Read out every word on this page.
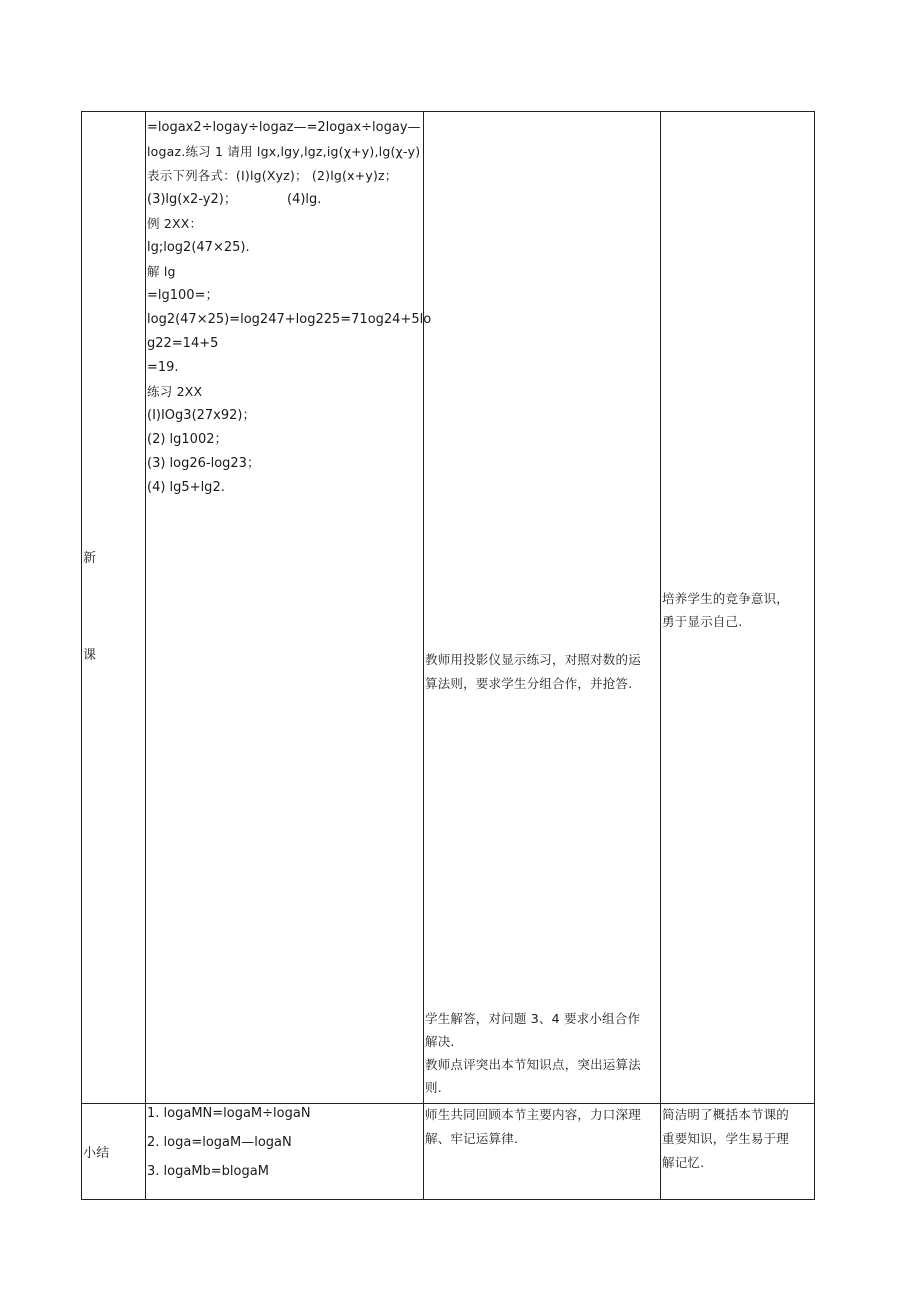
新
课
=logax2÷logay÷logaz—=2logax÷logay—
logaz.练习 1 请用 lgx,lgy,lgz,ig(χ+y),lg(χ-y)
表示下列各式：(I)lg(Xyz)； (2)lg(x+y)z；
(3)lg(x2-y2)；	(4)lg.
例 2XX：
lg;log2(47×25).
解 lg
=lg100=；
log2(47×25)=log247+log225=71og24+5lo
g22=14+5
=19.
练习 2XX
(I)IOg3(27x92)；
(2) lg1002；
(3) log26-log23；
(4) lg5+lg2.
教师用投影仪显示练习，对照对数的运
算法则，要求学生分组合作，并抢答.
学生解答，对问题 3、4 要求小组合作
解决.
教师点评突出本节知识点，突出运算法
则.
培养学生的竞争意识，
勇于显示自己.
小结
1. logaMN=logaM÷logaN
2. loga=logaM—logaN
3. logaMb=blogaM
师生共同回顾本节主要内容，力口深理
解、牢记运算律.
简洁明了概括本节课的
重要知识，学生易于理
解记忆.
